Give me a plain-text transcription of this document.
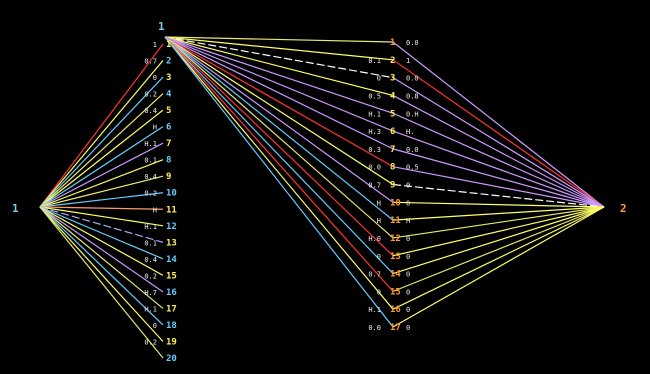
1
1
2
1 1
0.7 2
0 3
0.2 4
0.4 5
H 6
H.1 7
0.1 8
0.4 9
0.2 10
H 11
H.1 12
0.1 13
0.4 14
0.2 15
H.7 16
H.1 17
0 18
0.2 19
20
1 0.0
0.1 2 1
0 3 0.0
0.5 4 0.8
H.1 5 0.H
H.3 6 H.
0.3 7 0.0
0.0 8 0.5
0.7 9 0
H 10 0
H 11 H
H.0 12 0
0 13 0
0.7 14 0
0 15 0
H.1 16 0
0.0 17 0
